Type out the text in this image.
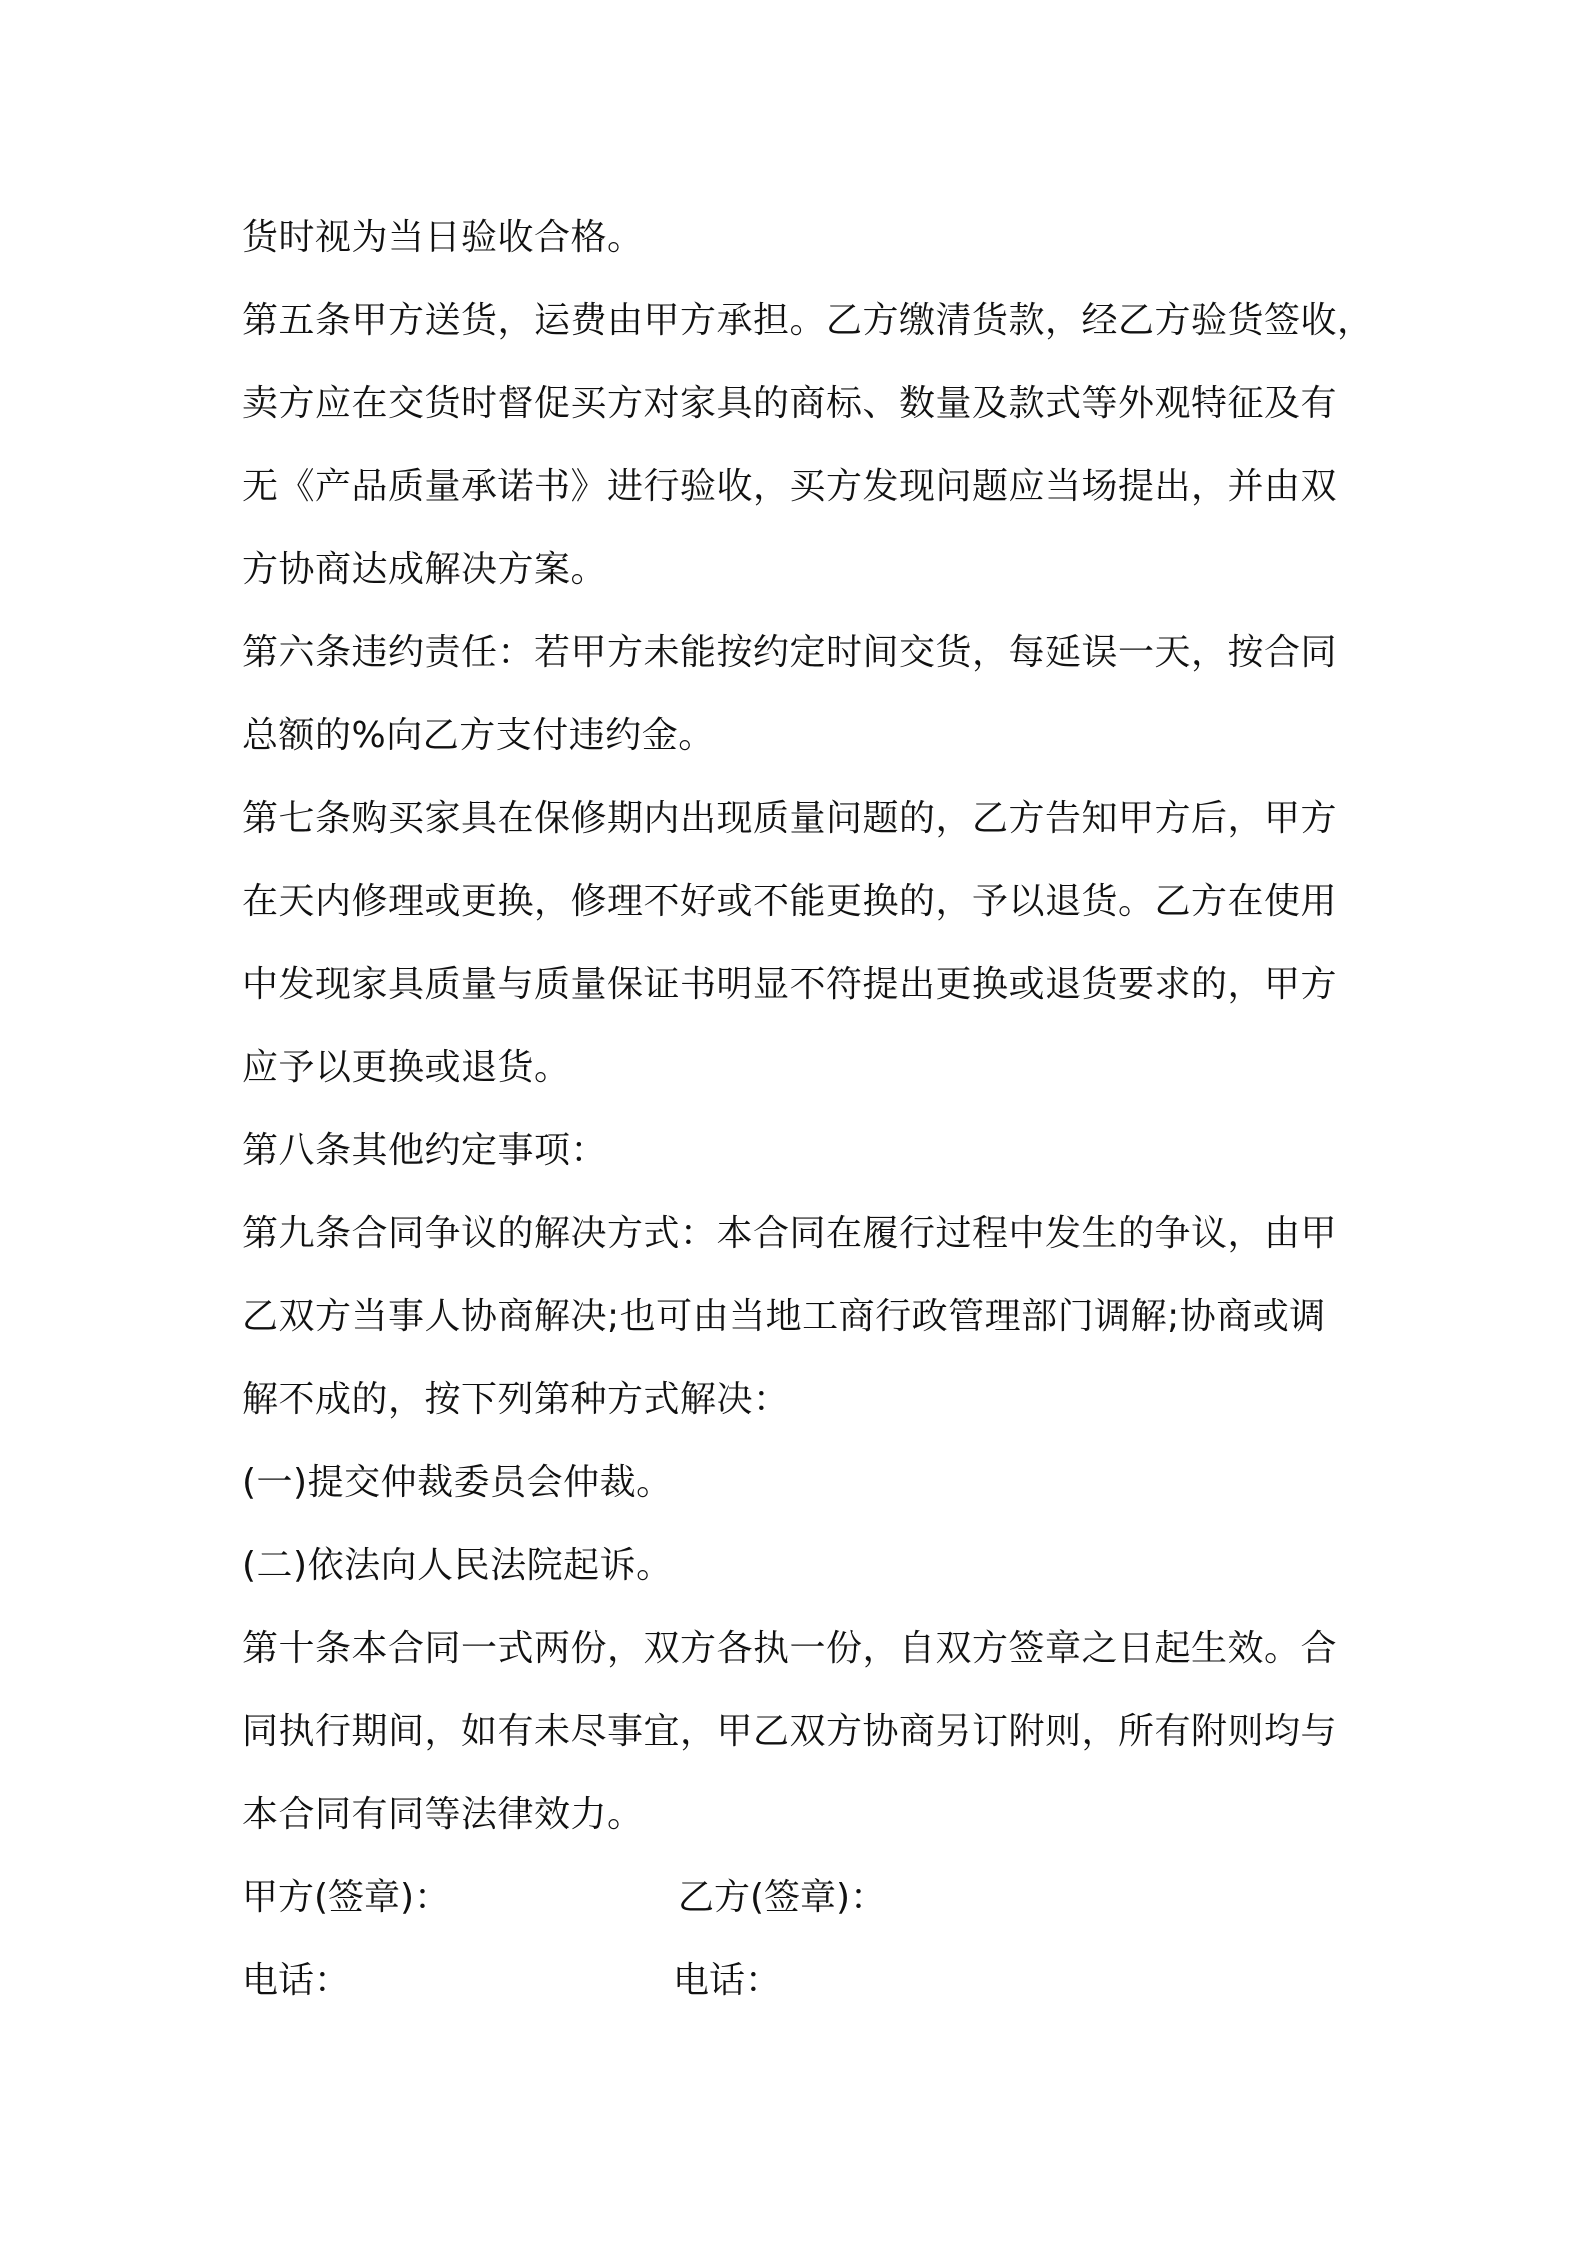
货时视为当日验收合格。
第五条甲方送货，运费由甲方承担。乙方缴清货款，经乙方验货签收，
卖方应在交货时督促买方对家具的商标、数量及款式等外观特征及有
无《产品质量承诺书》进行验收，买方发现问题应当场提出，并由双
方协商达成解决方案。
第六条违约责任：若甲方未能按约定时间交货，每延误一天，按合同
总额的%向乙方支付违约金。
第七条购买家具在保修期内出现质量问题的，乙方告知甲方后，甲方
在天内修理或更换，修理不好或不能更换的，予以退货。乙方在使用
中发现家具质量与质量保证书明显不符提出更换或退货要求的，甲方
应予以更换或退货。
第八条其他约定事项：
第九条合同争议的解决方式：本合同在履行过程中发生的争议，由甲
乙双方当事人协商解决;也可由当地工商行政管理部门调解;协商或调
解不成的，按下列第种方式解决：
(一)提交仲裁委员会仲裁。
(二)依法向人民法院起诉。
第十条本合同一式两份，双方各执一份，自双方签章之日起生效。合
同执行期间，如有未尽事宜，甲乙双方协商另订附则，所有附则均与
本合同有同等法律效力。
甲方(签章)：	乙方(签章)：
电话：	电话：
